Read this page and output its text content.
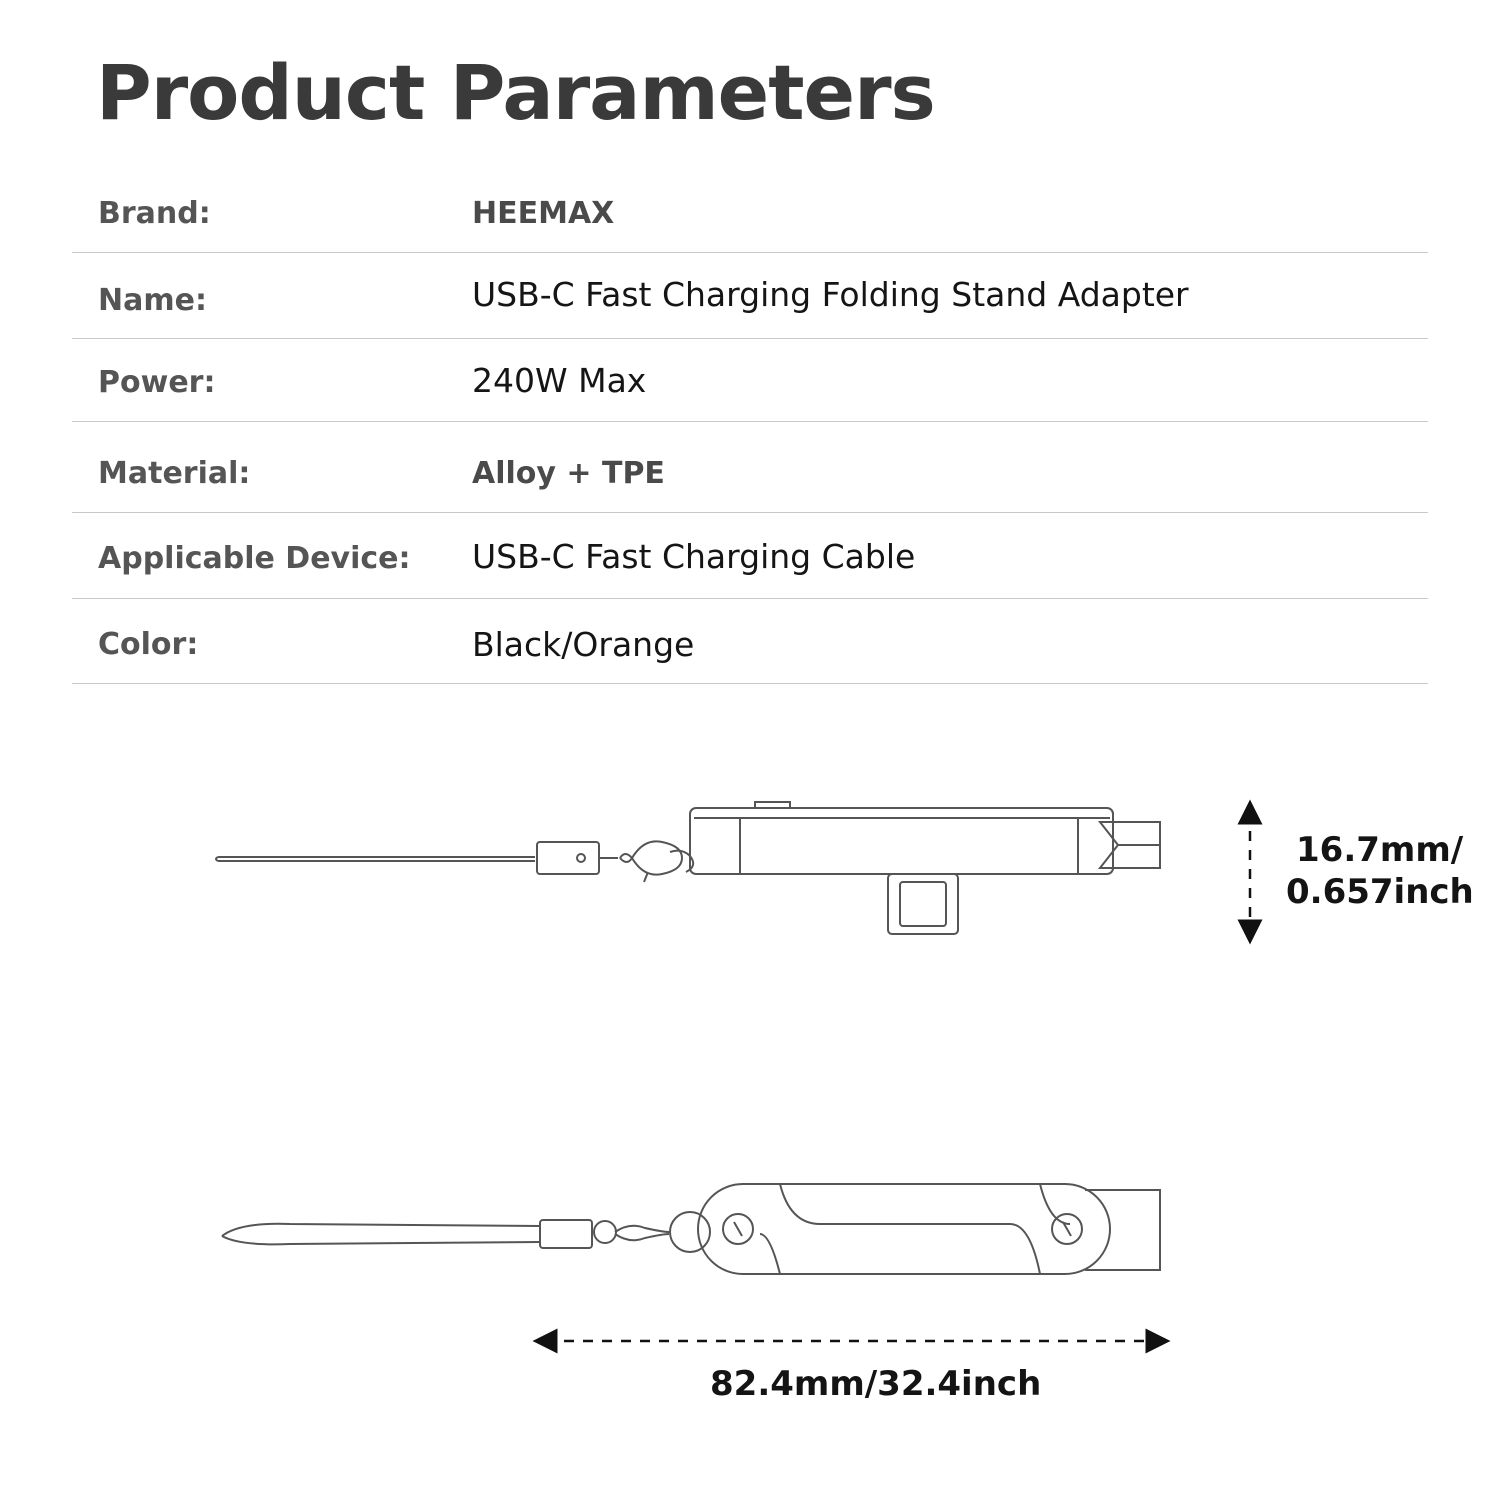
Product Parameters
Brand:	HEEMAX
Name:	USB-C Fast Charging Folding Stand Adapter
Power:	240W Max
Material:	Alloy + TPE
Applicable Device: USB-C Fast Charging Cable
Color:	Black/Orange
16.7mm/
0.657inch
82.4mm/32.4inch
